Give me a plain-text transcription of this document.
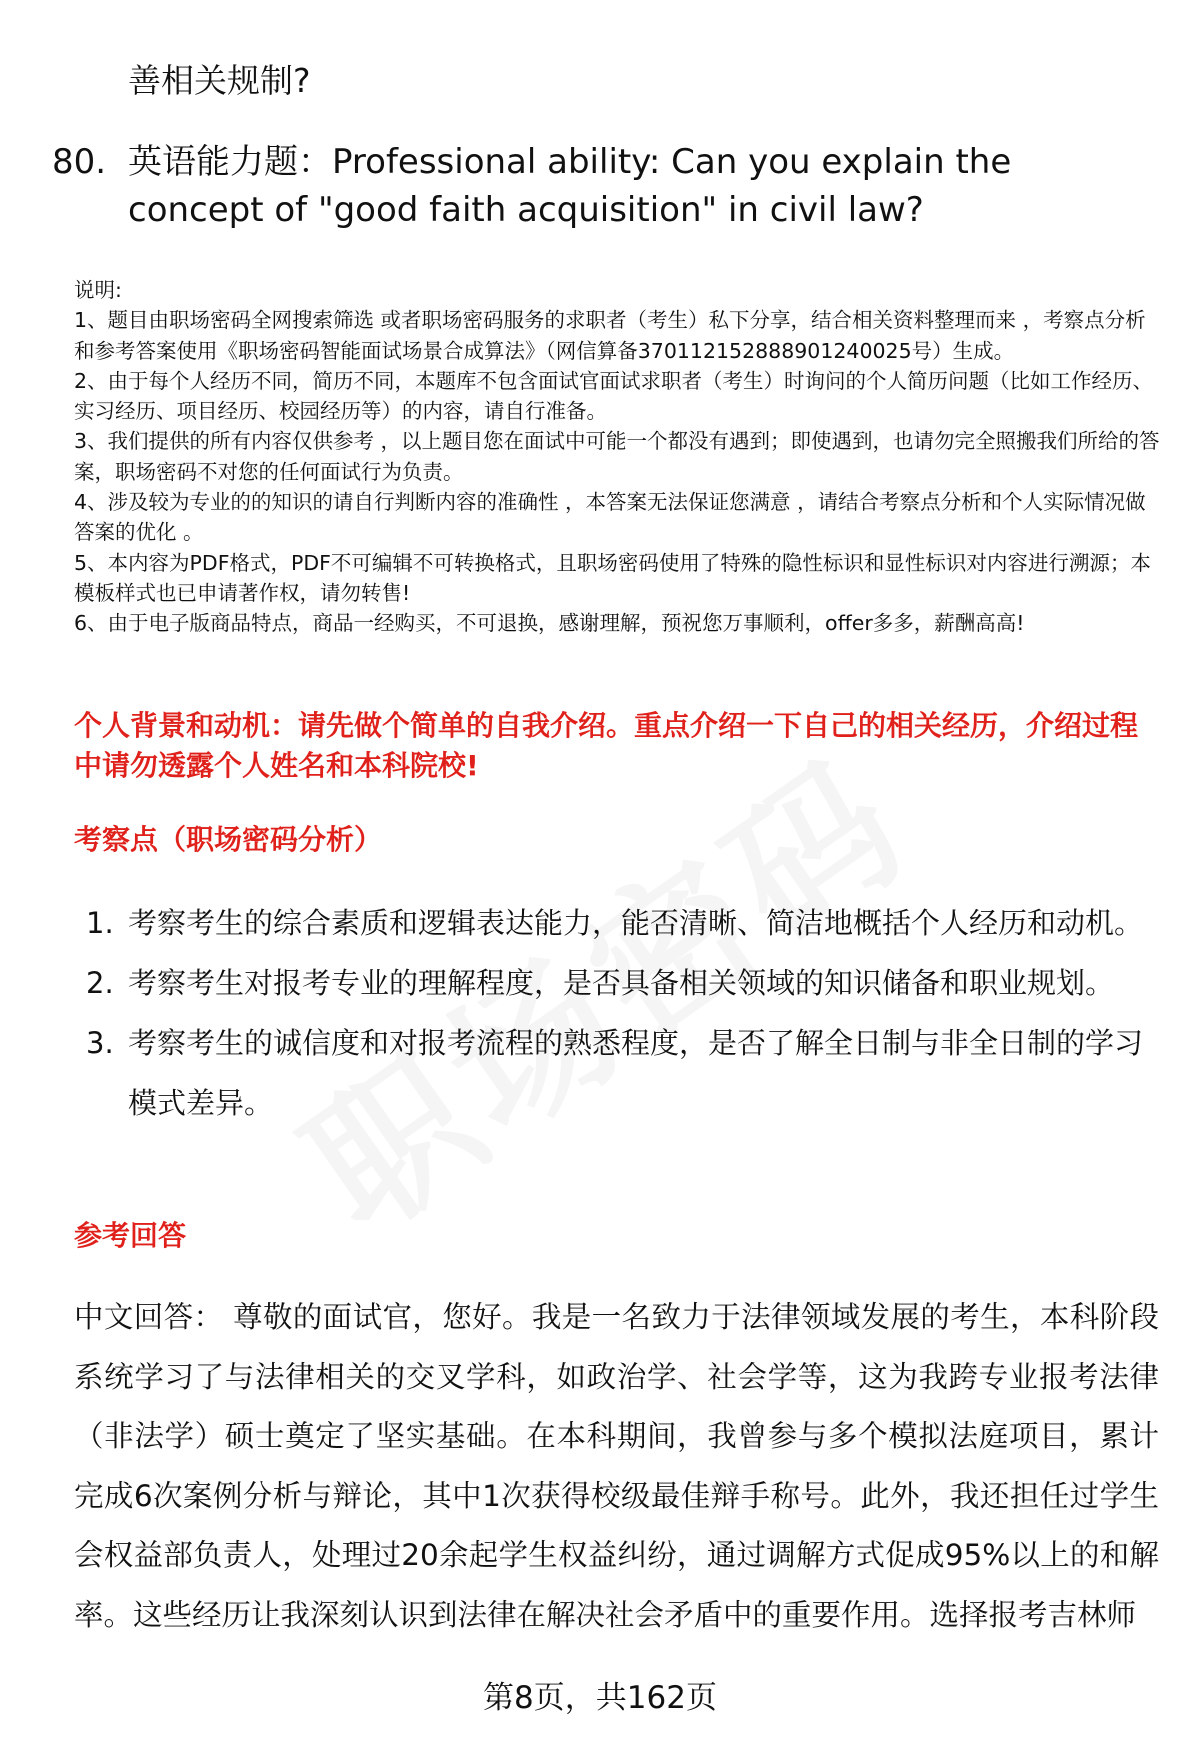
善相关规制?
80. 英语能力题：Professional ability: Can you explain the concept of "good faith acquisition" in civil law?
说明:
1、题目由职场密码全网搜索筛选 或者职场密码服务的求职者（考生）私下分享，结合相关资料整理而来 ，考察点分析和参考答案使用《职场密码智能面试场景合成算法》（网信算备370112152888901240025号）生成。
2、由于每个人经历不同，简历不同，本题库不包含面试官面试求职者（考生）时询问的个人简历问题（比如工作经历、实习经历、项目经历、校园经历等）的内容，请自行准备。
3、我们提供的所有内容仅供参考 ，以上题目您在面试中可能一个都没有遇到；即使遇到，也请勿完全照搬我们所给的答案，职场密码不对您的任何面试行为负责。
4、涉及较为专业的的知识的请自行判断内容的准确性 ，本答案无法保证您满意 ，请结合考察点分析和个人实际情况做答案的优化 。
5、本内容为PDF格式，PDF不可编辑不可转换格式，且职场密码使用了特殊的隐性标识和显性标识对内容进行溯源；本模板样式也已申请著作权，请勿转售!
6、由于电子版商品特点，商品一经购买，不可退换，感谢理解，预祝您万事顺利，offer多多，薪酬高高!
个人背景和动机：请先做个简单的自我介绍。重点介绍一下自己的相关经历，介绍过程中请勿透露个人姓名和本科院校!
考察点（职场密码分析）
1. 考察考生的综合素质和逻辑表达能力，能否清晰、简洁地概括个人经历和动机。
2. 考察考生对报考专业的理解程度，是否具备相关领域的知识储备和职业规划。
3. 考察考生的诚信度和对报考流程的熟悉程度，是否了解全日制与非全日制的学习模式差异。
参考回答
中文回答： 尊敬的面试官，您好。我是一名致力于法律领域发展的考生，本科阶段系统学习了与法律相关的交叉学科，如政治学、社会学等，这为我跨专业报考法律（非法学）硕士奠定了坚实基础。在本科期间，我曾参与多个模拟法庭项目，累计完成6次案例分析与辩论，其中1次获得校级最佳辩手称号。此外，我还担任过学生会权益部负责人，处理过20余起学生权益纠纷，通过调解方式促成95%以上的和解率。这些经历让我深刻认识到法律在解决社会矛盾中的重要作用。选择报考吉林师
第8页，共162页
